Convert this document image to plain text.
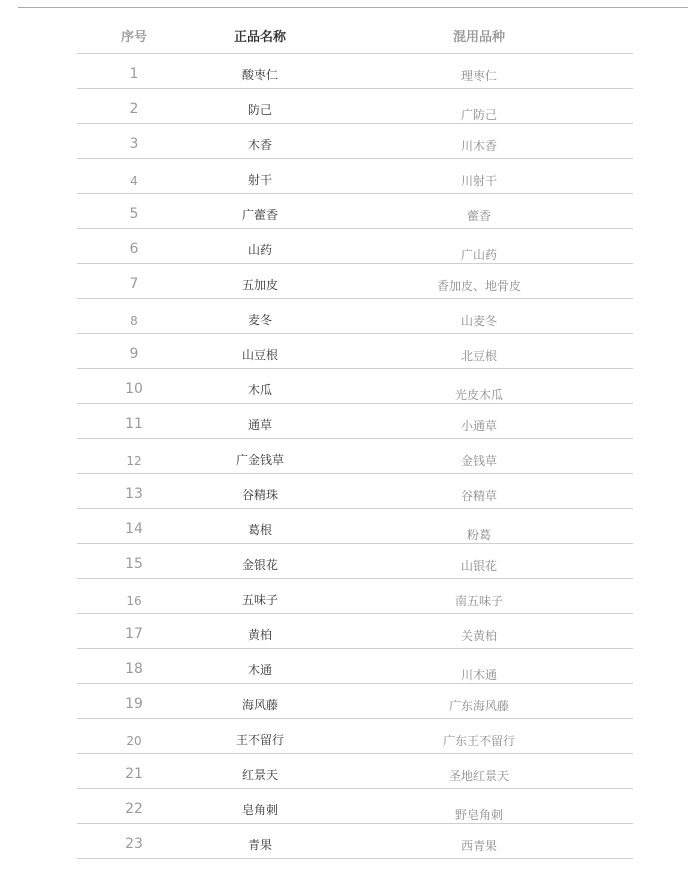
序号	正品名称	混用品种
1	酸枣仁	理枣仁
2	防己	广防己
3	木香	川木香
4	射干	川射干
5	广藿香	藿香
6	山药	广山药
7	五加皮	香加皮、地骨皮
8	麦冬	山麦冬
9	山豆根	北豆根
10	木瓜	光皮木瓜
11	通草	小通草
12	广金钱草	金钱草
13	谷精珠	谷精草
14	葛根	粉葛
15	金银花	山银花
16	五味子	南五味子
17	黄柏	关黄柏
18	木通	川木通
19	海风藤	广东海风藤
20	王不留行	广东王不留行
21	红景天	圣地红景天
22	皂角刺	野皂角刺
23	青果	西青果
